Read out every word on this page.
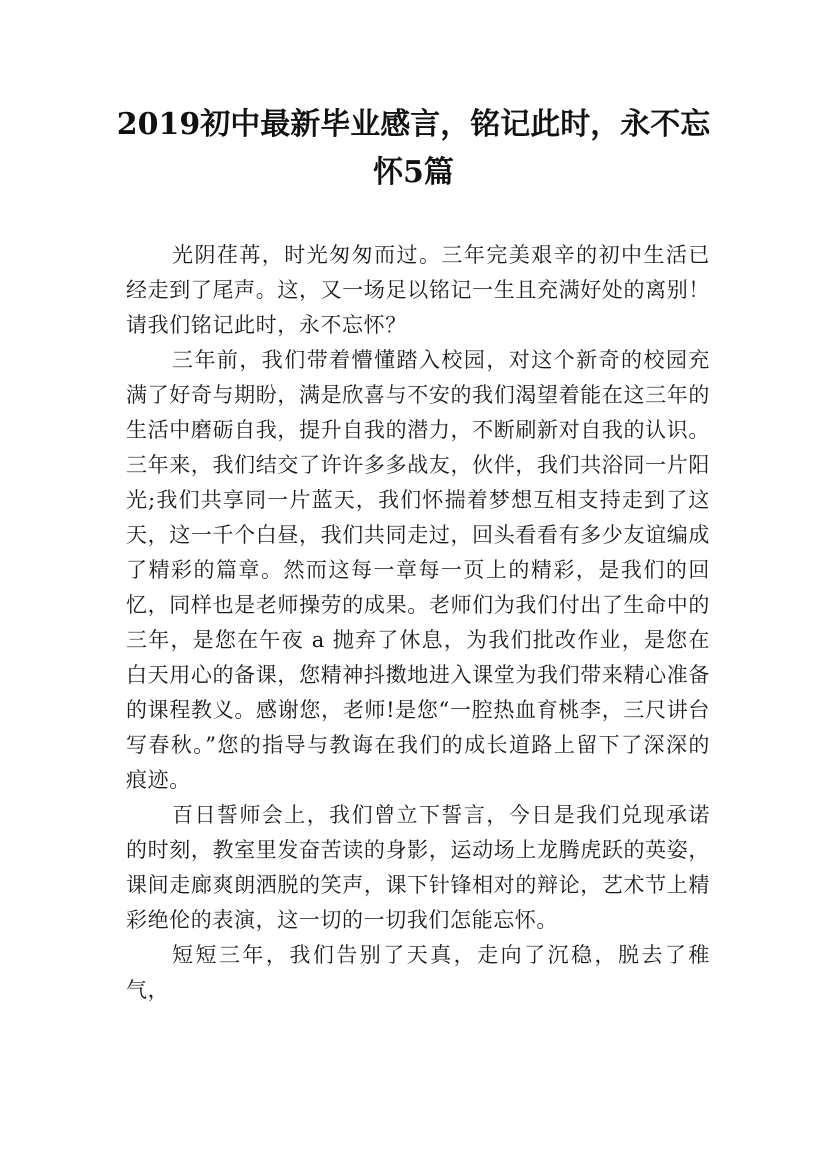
2019初中最新毕业感言，铭记此时，永不忘怀5篇

光阴荏苒，时光匆匆而过。三年完美艰辛的初中生活已经走到了尾声。这，又一场足以铭记一生且充满好处的离别！请我们铭记此时，永不忘怀？

三年前，我们带着懵懂踏入校园，对这个新奇的校园充满了好奇与期盼，满是欣喜与不安的我们渴望着能在这三年的生活中磨砺自我，提升自我的潜力，不断刷新对自我的认识。三年来，我们结交了许许多多战友，伙伴，我们共浴同一片阳光;我们共享同一片蓝天，我们怀揣着梦想互相支持走到了这天，这一千个白昼，我们共同走过，回头看看有多少友谊编成了精彩的篇章。然而这每一章每一页上的精彩，是我们的回忆，同样也是老师操劳的成果。老师们为我们付出了生命中的三年，是您在午夜 a 抛弃了休息，为我们批改作业，是您在白天用心的备课，您精神抖擞地进入课堂为我们带来精心准备的课程教义。感谢您，老师!是您“一腔热血育桃李，三尺讲台写春秋。”您的指导与教诲在我们的成长道路上留下了深深的痕迹。

百日誓师会上，我们曾立下誓言，今日是我们兑现承诺的时刻，教室里发奋苦读的身影，运动场上龙腾虎跃的英姿，课间走廊爽朗洒脱的笑声，课下针锋相对的辩论，艺术节上精彩绝伦的表演，这一切的一切我们怎能忘怀。

短短三年，我们告别了天真，走向了沉稳，脱去了稚气，
